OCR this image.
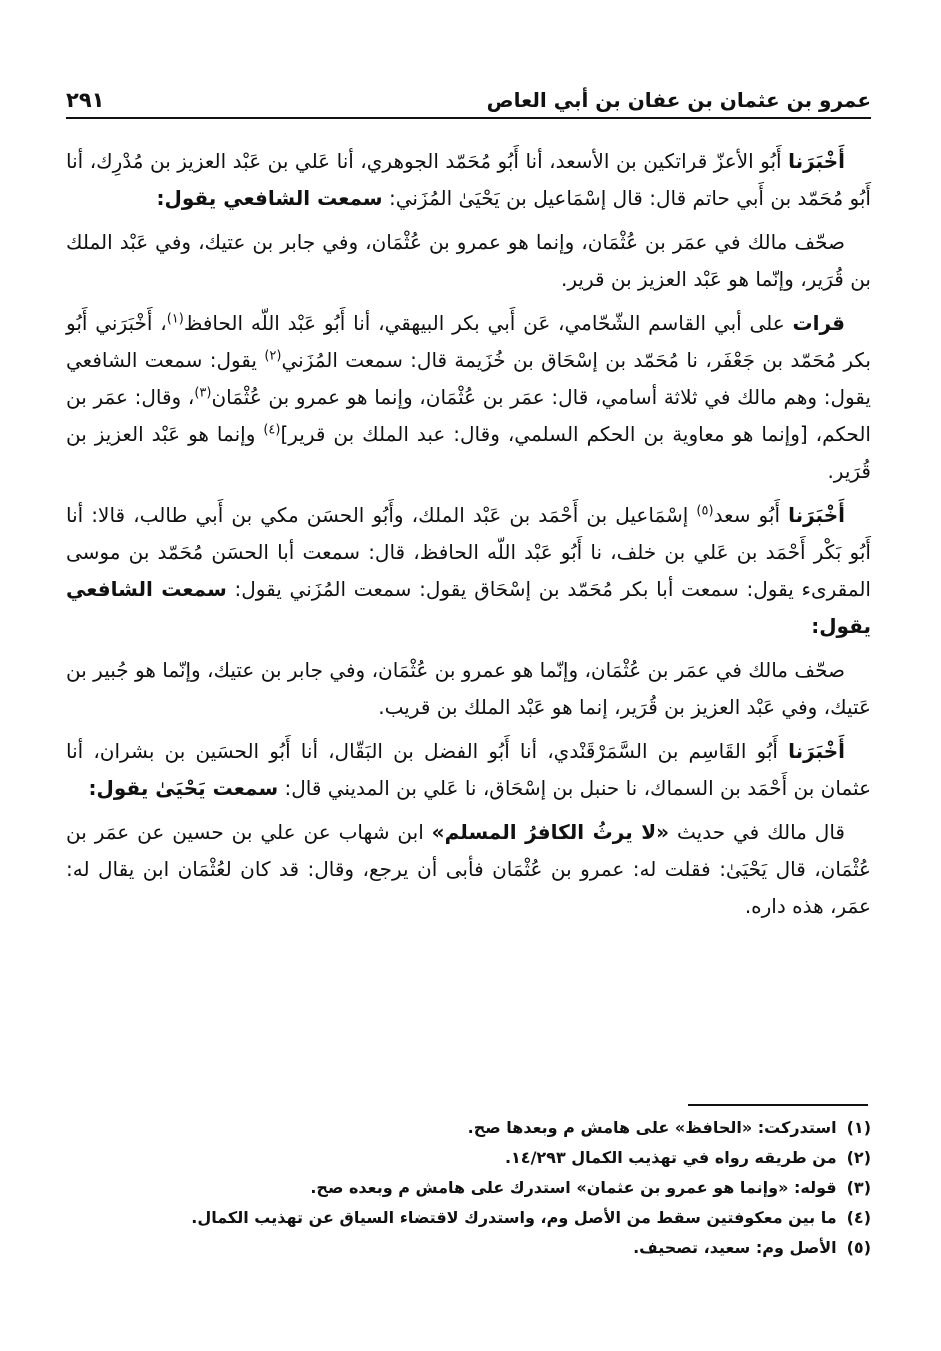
عمرو بن عثمان بن عفان بن أبي العاص
٢٩١

أَخْبَرَنا أَبُو الأعزّ قراتكين بن الأسعد، أنا أَبُو مُحَمّد الجوهري، أنا عَلي بن عَبْد العزيز بن مُدْرِك، أنا أَبُو مُحَمّد بن أَبي حاتم قال: قال إسْمَاعيل بن يَحْيَىٰ المُزَني: سمعت الشافعي يقول:

صحّف مالك في عمَر بن عُثْمَان، وإنما هو عمرو بن عُثْمَان، وفي جابر بن عتيك، وفي عَبْد الملك بن قُرَير، وإنّما هو عَبْد العزيز بن قرير.

قرات على أبي القاسم الشّحّامي، عَن أَبي بكر البيهقي، أنا أَبُو عَبْد اللّه الحافظ$^{(١)}$، أَخْبَرَني أَبُو بكر مُحَمّد بن جَعْفَر، نا مُحَمّد بن إسْحَاق بن خُزَيمة قال: سمعت المُزَني$^{(٢)}$ يقول: سمعت الشافعي يقول: وهم مالك في ثلاثة أسامي، قال: عمَر بن عُثْمَان، وإنما هو عمرو بن عُثْمَان$^{(٣)}$، وقال: عمَر بن الحكم، [وإنما هو معاوية بن الحكم السلمي، وقال: عبد الملك بن قرير]$^{(٤)}$ وإنما هو عَبْد العزيز بن قُرَير.

أَخْبَرَنا أَبُو سعد$^{(٥)}$ إسْمَاعيل بن أَحْمَد بن عَبْد الملك، وأَبُو الحسَن مكي بن أَبي طالب، قالا: أنا أَبُو بَكْر أَحْمَد بن عَلي بن خلف، نا أَبُو عَبْد اللّه الحافظ، قال: سمعت أبا الحسَن مُحَمّد بن موسى المقرىء يقول: سمعت أبا بكر مُحَمّد بن إسْحَاق يقول: سمعت المُزَني يقول: سمعت الشافعي يقول:

صحّف مالك في عمَر بن عُثْمَان، وإنّما هو عمرو بن عُثْمَان، وفي جابر بن عتيك، وإنّما هو جُبير بن عَتيك، وفي عَبْد العزيز بن قُرَير، إنما هو عَبْد الملك بن قريب.

أَخْبَرَنا أَبُو القَاسِم بن السَّمَرْقَنْدي، أنا أَبُو الفضل بن البَقّال، أنا أَبُو الحسَين بن بشران، أنا عثمان بن أَحْمَد بن السماك، نا حنبل بن إسْحَاق، نا عَلي بن المديني قال: سمعت يَحْيَىٰ يقول:

قال مالك في حديث «لا يرثُ الكافرُ المسلم» ابن شهاب عن علي بن حسين عن عمَر بن عُثْمَان، قال يَحْيَىٰ: فقلت له: عمرو بن عُثْمَان فأبى أن يرجع، وقال: قد كان لعُثْمَان ابن يقال له: عمَر، هذه داره.

(١)استدركت: «الحافظ» على هامش م وبعدها صح.
(٢)من طريقه رواه في تهذيب الكمال ١٤/٢٩٣.
(٣)قوله: «وإنما هو عمرو بن عثمان» استدرك على هامش م وبعده صح.
(٤)ما بين معكوفتين سقط من الأصل وم، واستدرك لاقتضاء السياق عن تهذيب الكمال.
(٥)الأصل وم: سعيد، تصحيف.
